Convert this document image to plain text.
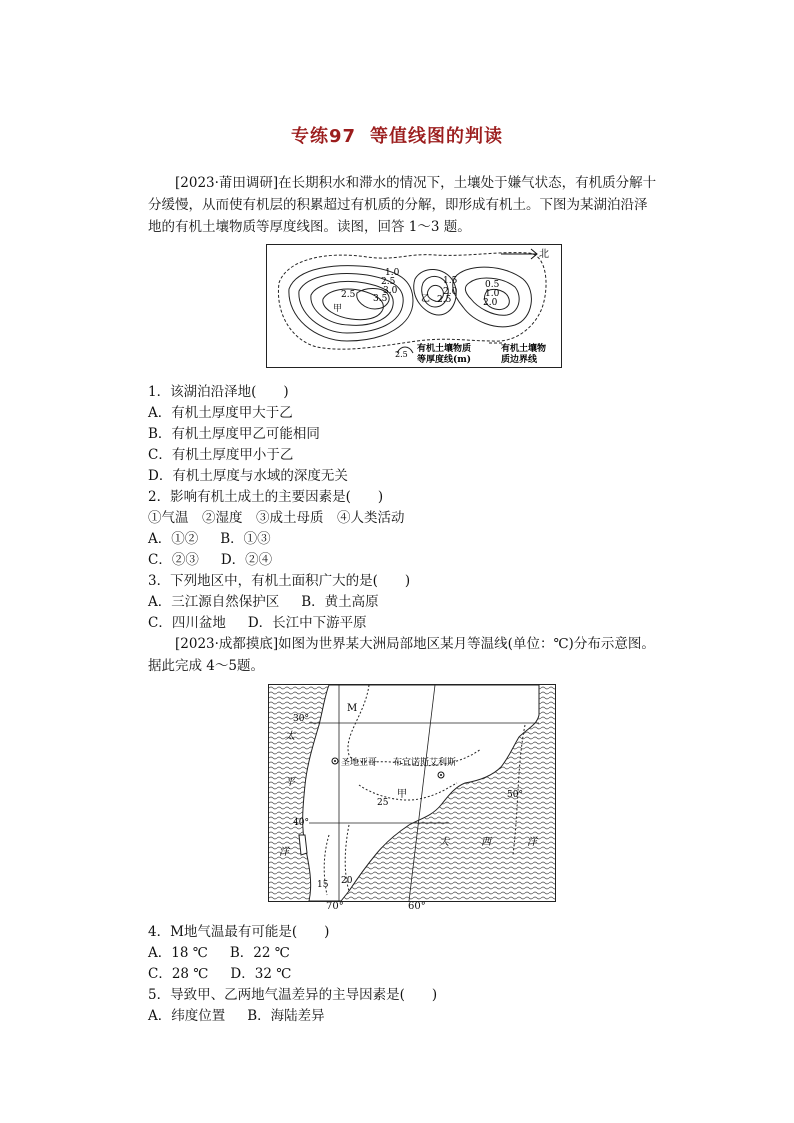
专练97 等值线图的判读
[2023·莆田调研]在长期积水和滞水的情况下，土壤处于嫌气状态，有机质分解十分缓慢，从而使有机层的积累超过有机质的分解，即形成有机土。下图为某湖泊沿泽地的有机土壤物质等厚度线图。读图，回答 1～3 题。
北
1.0
2.5
3.0
3.5
2.5
甲
1.5
2.0
2.5
乙
0.5
1.0
2.0
2.5
有机土壤物质
等厚度线(m)
有机土壤物
质边界线
1．该湖泊沿泽地(　　)
A．有机土厚度甲大于乙
B．有机土厚度甲乙可能相同
C．有机土厚度甲小于乙
D．有机土厚度与水域的深度无关
2．影响有机土成土的主要因素是(　　)
①气温　②湿度　③成土母质　④人类活动
A．①② B．①③
C．②③ D．②④
3．下列地区中，有机土面积广大的是(　　)
A．三江源自然保护区 B．黄土高原
C．四川盆地 D．长江中下游平原
[2023·成都摸底]如图为世界某大洲局部地区某月等温线(单位：℃)分布示意图。据此完成 4～5题。
M
圣地亚哥 布宜诺斯艾利斯
甲
25
20
15
50°
30°
40°
太
平
洋
大	西	洋
70°	60°
4．M地气温最有可能是(　　)
A．18 ℃ B．22 ℃
C．28 ℃ D．32 ℃
5．导致甲、乙两地气温差异的主导因素是(　　)
A．纬度位置 B．海陆差异
